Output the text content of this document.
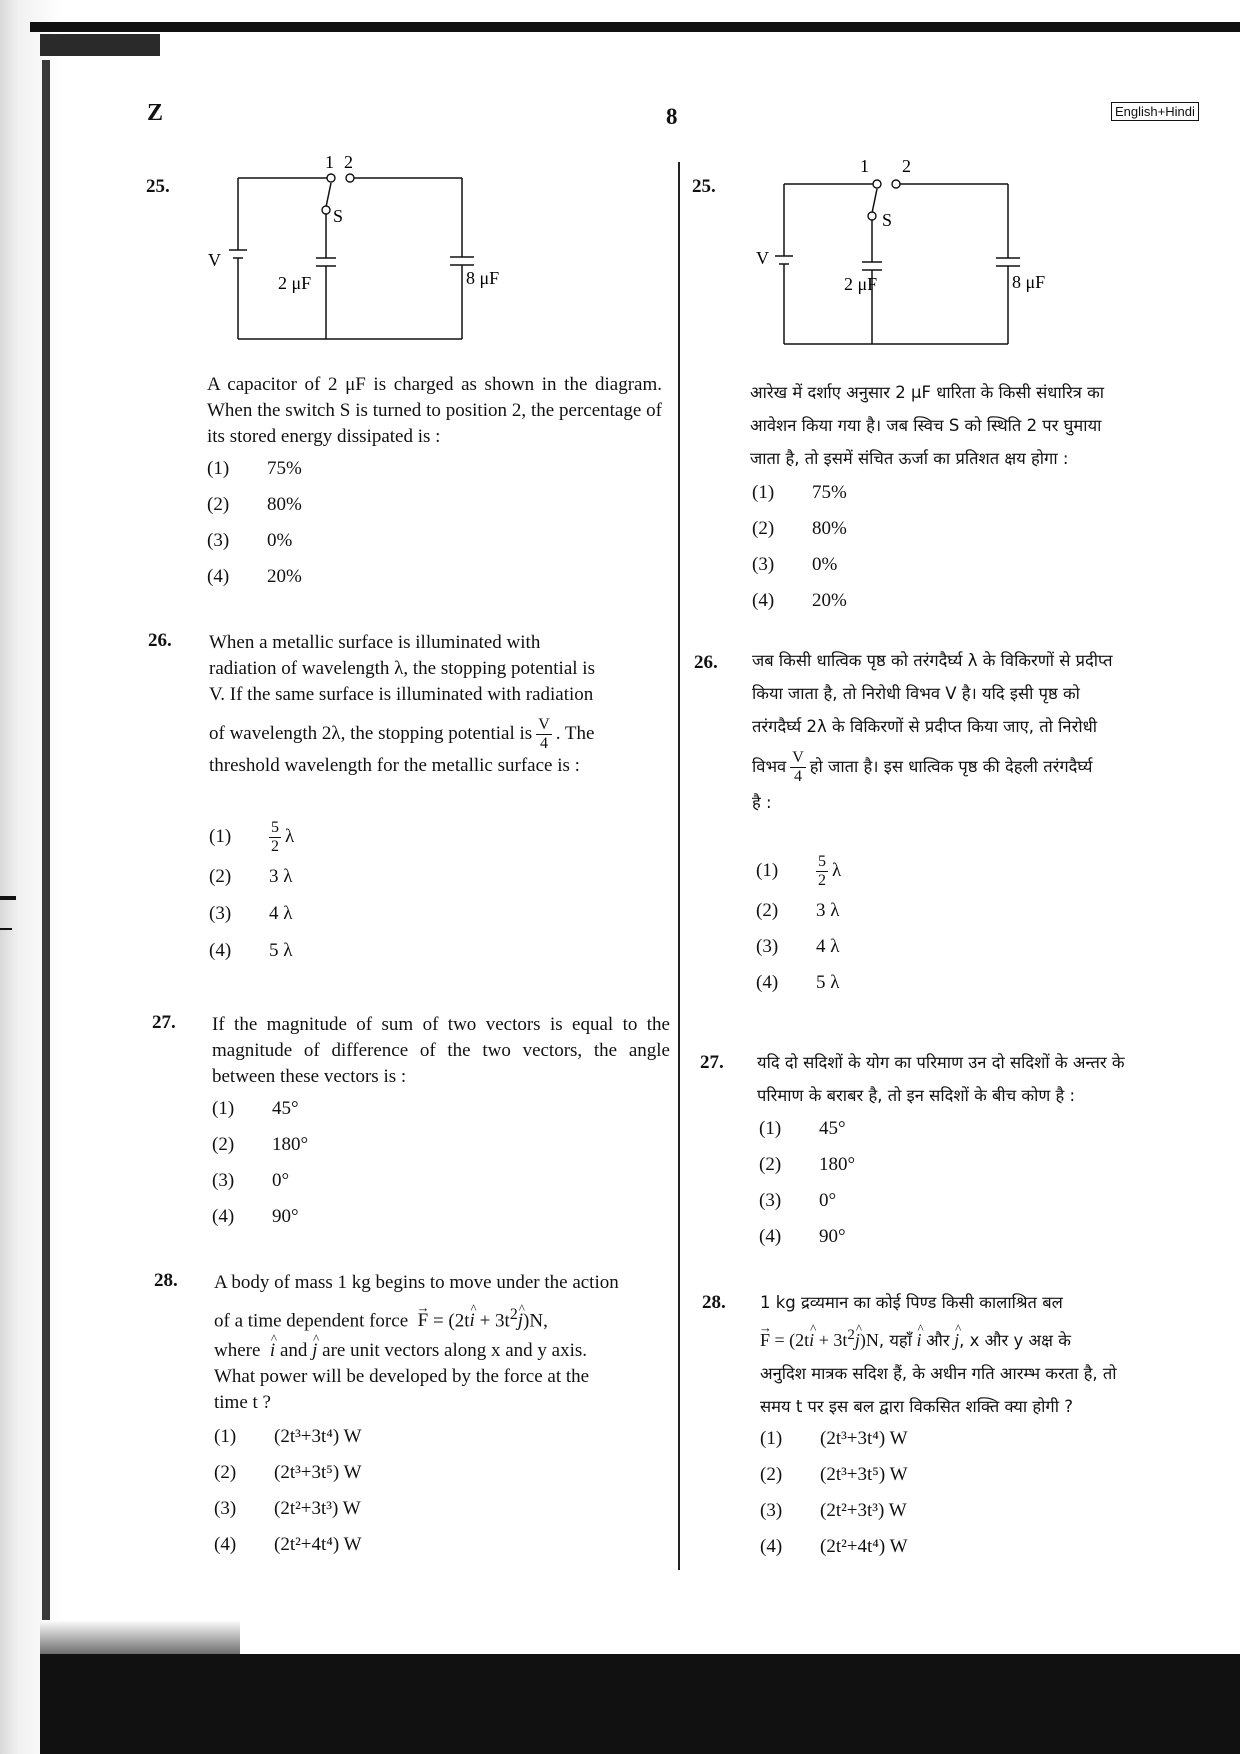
Z	8	English+Hindi
25.
1 2
S
V
2 μF	8 μF
A capacitor of 2 μF is charged as shown in the diagram. When the switch S is turned to position 2, the percentage of its stored energy dissipated is :
(1)	75%
(2)	80%
(3)	0%
(4)	20%
26. When a metallic surface is illuminated with
radiation of wavelength λ, the stopping potential is
V. If the same surface is illuminated with radiation
of wavelength 2λ, the stopping potential is $\frac{V}{4}$ . The
threshold wavelength for the metallic surface is :
(1)	$\frac{5}{2}$ λ
(2)	3 λ
(3)	4 λ
(4)	5 λ
27. If the magnitude of sum of two vectors is equal to the magnitude of difference of the two vectors, the angle between these vectors is :
(1)	45°
(2)	180°
(3)	0°
(4)	90°
28. A body of mass 1 kg begins to move under the action
of a time dependent force → F = (2t^ $i + 3t^2\^{}$ j)N,
where ^ i and ^ j are unit vectors along x and y axis.
What power will be developed by the force at the
time t ?
(1)	(2t³+3t⁴) W
(2)	(2t³+3t⁵) W
(3)	(2t²+3t³) W
(4)	(2t²+4t⁴) W
25.
1 2
S
V
2 μF	8 μF
आरेख में दर्शाए अनुसार 2 μF धारिता के किसी संधारित्र का
आवेशन किया गया है। जब स्विच S को स्थिति 2 पर घुमाया
जाता है, तो इसमें संचित ऊर्जा का प्रतिशत क्षय होगा :
(1)	75%
(2)	80%
(3)	0%
(4)	20%
26. जब किसी धात्विक पृष्ठ को तरंगदैर्घ्य λ के विकिरणों से प्रदीप्त
किया जाता है, तो निरोधी विभव V है। यदि इसी पृष्ठ को
तरंगदैर्घ्य 2λ के विकिरणों से प्रदीप्त किया जाए, तो निरोधी
विभव $\frac{V}{4}$ हो जाता है। इस धात्विक पृष्ठ की देहली तरंगदैर्घ्य
है :
(1)	$\frac{5}{2}$ λ
(2)	3 λ
(3)	4 λ
(4)	5 λ
27. यदि दो सदिशों के योग का परिमाण उन दो सदिशों के अन्तर के
परिमाण के बराबर है, तो इन सदिशों के बीच कोण है :
(1)	45°
(2)	180°
(3)	0°
(4)	90°
28. 1 kg द्रव्यमान का कोई पिण्ड किसी कालाश्रित बल
→ F = (2t^ $i + 3t^2\^{}$ j)N, यहाँ ^ i और ^ j, x और y अक्ष के
अनुदिश मात्रक सदिश हैं, के अधीन गति आरम्भ करता है, तो
समय t पर इस बल द्वारा विकसित शक्ति क्या होगी ?
(1)	(2t³+3t⁴) W
(2)	(2t³+3t⁵) W
(3)	(2t²+3t³) W
(4)	(2t²+4t⁴) W
